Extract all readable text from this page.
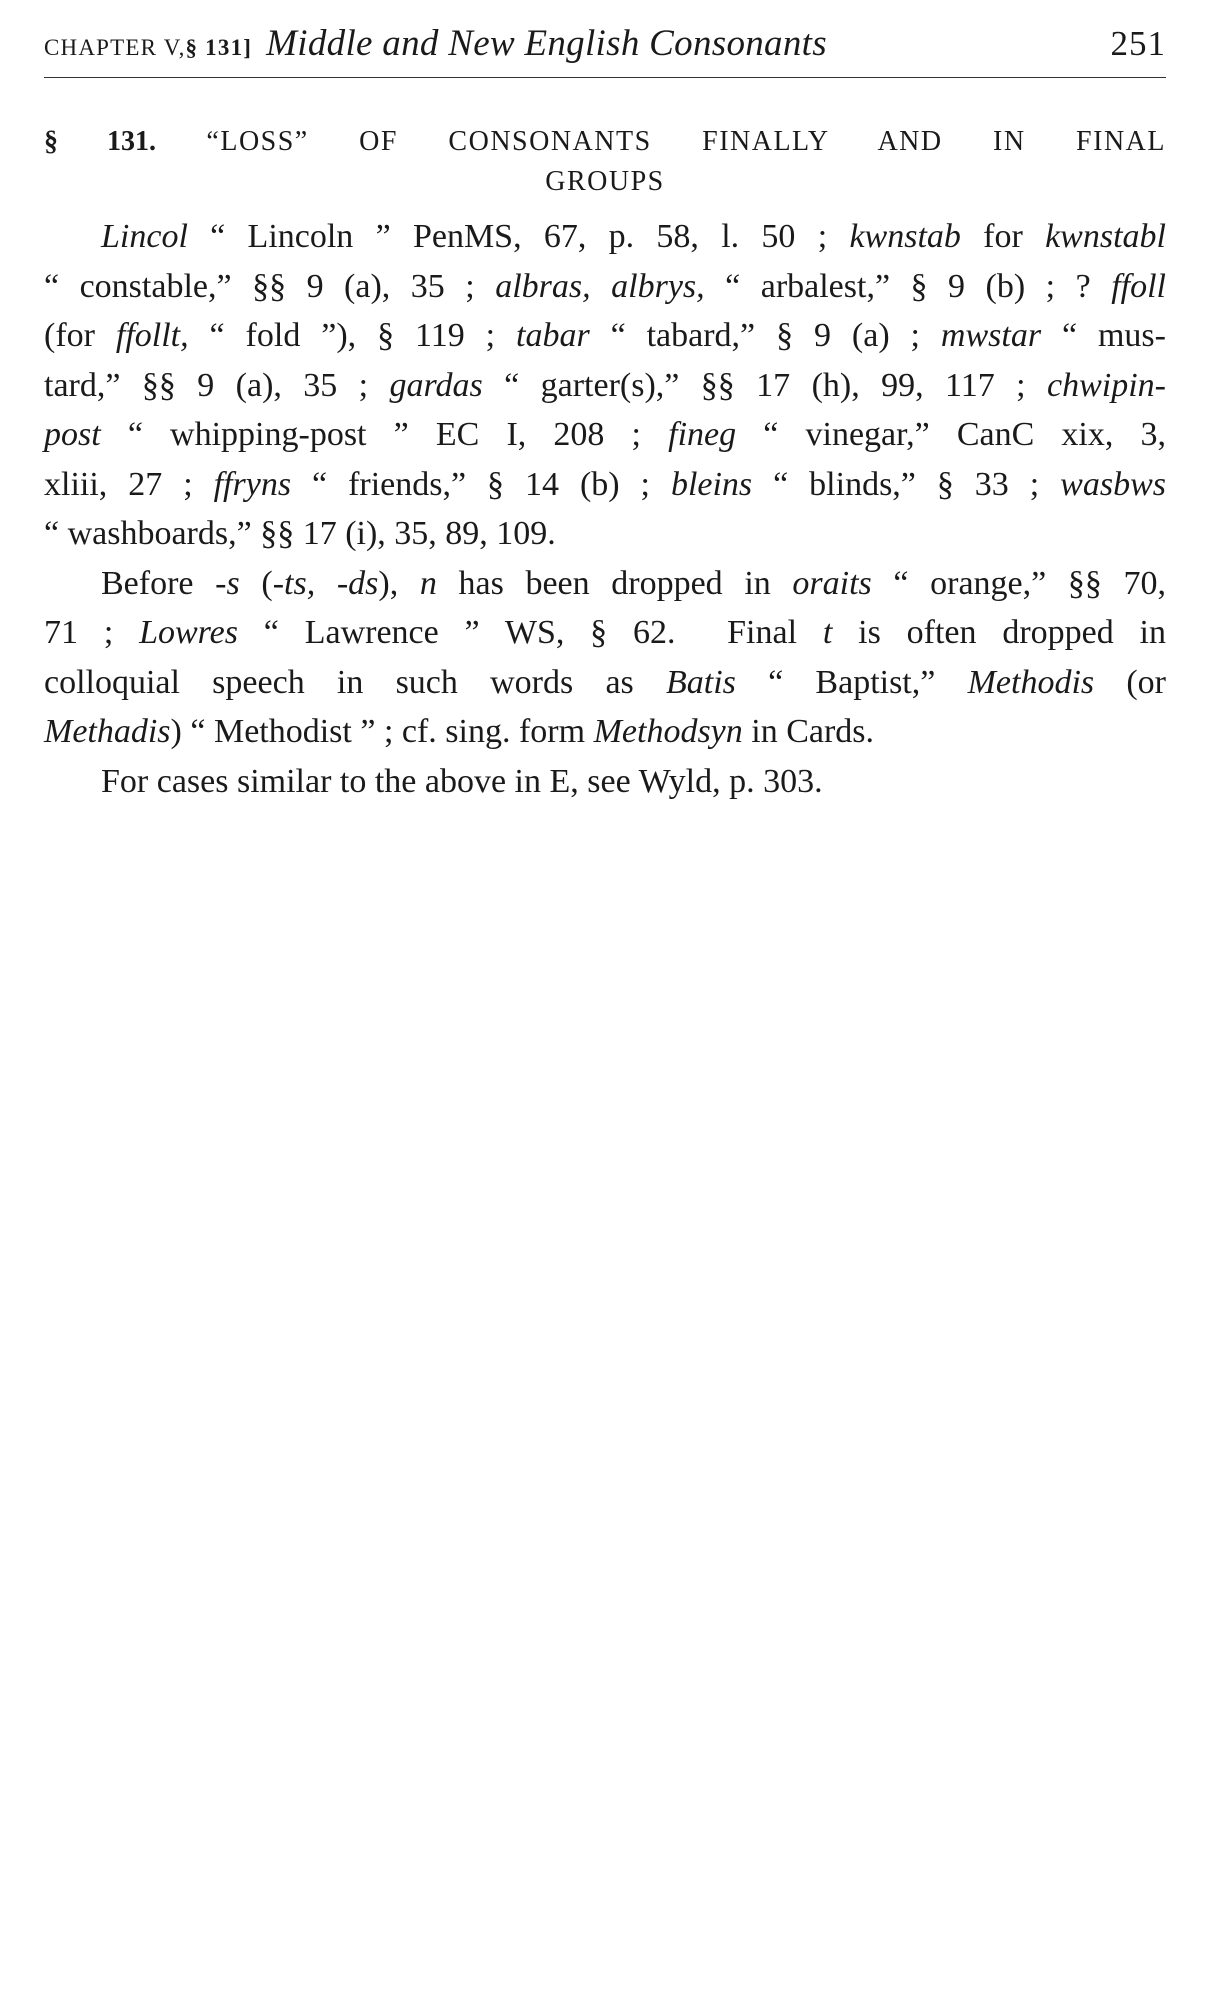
CHAPTER V,§ 131] Middle and New English Consonants	251
§ 131. “LOSS” OF CONSONANTS FINALLY AND IN FINAL
GROUPS

Lincol “ Lincoln ” PenMS, 67, p. 58, l. 50 ; kwnstab for kwnstabl
“ constable,” §§ 9 (a), 35 ; albras, albrys, “ arbalest,” § 9 (b) ; ? ffoll
(for ffollt, “ fold ”), § 119 ; tabar “ tabard,” § 9 (a) ; mwstar “ mus-
tard,” §§ 9 (a), 35 ; gardas “ garter(s),” §§ 17 (h), 99, 117 ; chwipin-
post “ whipping-post ” EC I, 208 ; fineg “ vinegar,” CanC xix, 3,
xliii, 27 ; ffryns “ friends,” § 14 (b) ; bleins “ blinds,” § 33 ; wasbws
“ washboards,” §§ 17 (i), 35, 89, 109.

Before -s (-ts, -ds), n has been dropped in oraits “ orange,” §§ 70,
71 ; Lowres “ Lawrence ” WS, § 62.  Final t is often dropped in
colloquial speech in such words as Batis “ Baptist,” Methodis (or
Methadis) “ Methodist ” ; cf. sing. form Methodsyn in Cards.

For cases similar to the above in E, see Wyld, p. 303.
